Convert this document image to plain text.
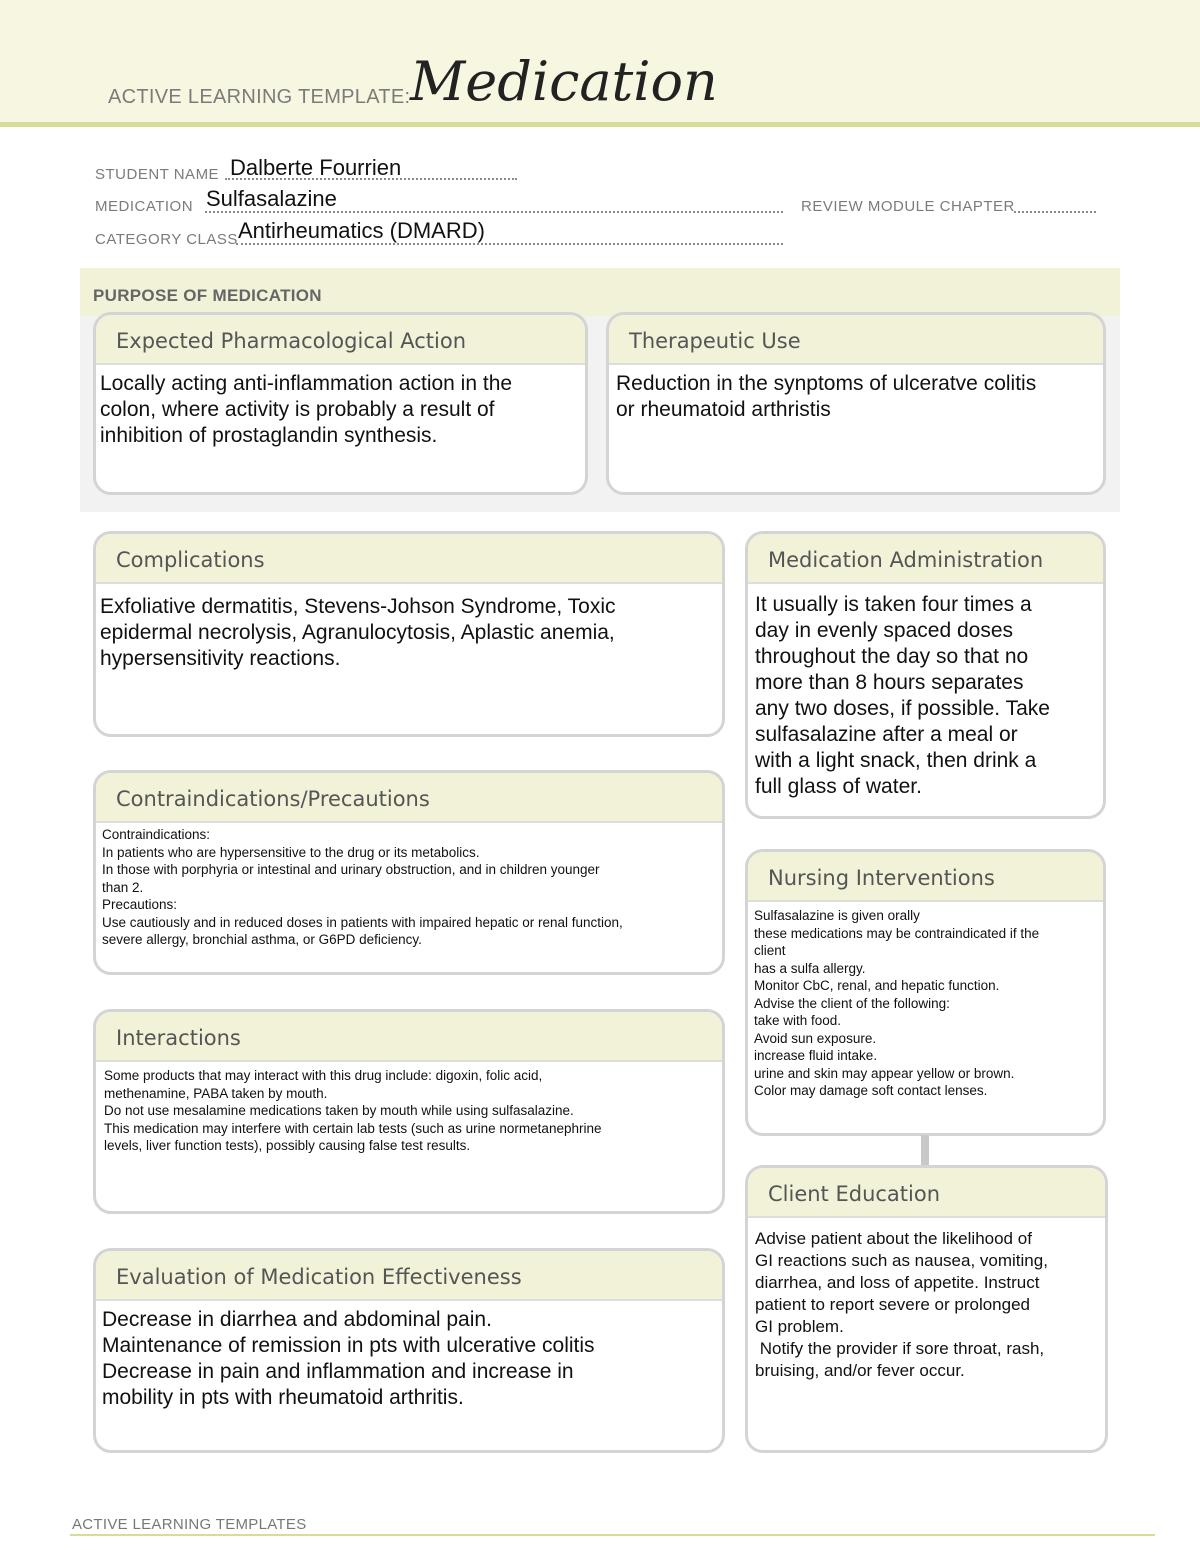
ACTIVE LEARNING TEMPLATE: Medication
STUDENT NAME Dalberte Fourrien
MEDICATION Sulfasalazine	REVIEW MODULE CHAPTER
CATEGORY CLASS Antirheumatics (DMARD)
PURPOSE OF MEDICATION
Expected Pharmacological Action
Locally acting anti-inflammation action in the
colon, where activity is probably a result of
inhibition of prostaglandin synthesis.
Therapeutic Use
Reduction in the synptoms of ulceratve colitis
or rheumatoid arthristis
Complications
Exfoliative dermatitis, Stevens-Johson Syndrome, Toxic
epidermal necrolysis, Agranulocytosis, Aplastic anemia,
hypersensitivity reactions.
Medication Administration
It usually is taken four times a
day in evenly spaced doses
throughout the day so that no
more than 8 hours separates
any two doses, if possible. Take
sulfasalazine after a meal or
with a light snack, then drink a
full glass of water.
Contraindications/Precautions
Contraindications:
In patients who are hypersensitive to the drug or its metabolics.
In those with porphyria or intestinal and urinary obstruction, and in children younger
than 2.
Precautions:
Use cautiously and in reduced doses in patients with impaired hepatic or renal function,
severe allergy, bronchial asthma, or G6PD deficiency.
Nursing Interventions
Sulfasalazine is given orally
these medications may be contraindicated if the
client
has a sulfa allergy.
Monitor CbC, renal, and hepatic function.
Advise the client of the following:
take with food.
Avoid sun exposure.
increase fluid intake.
urine and skin may appear yellow or brown.
Color may damage soft contact lenses.
Interactions
Some products that may interact with this drug include: digoxin, folic acid,
methenamine, PABA taken by mouth.
Do not use mesalamine medications taken by mouth while using sulfasalazine.
This medication may interfere with certain lab tests (such as urine normetanephrine
levels, liver function tests), possibly causing false test results.
Client Education
Advise patient about the likelihood of
GI reactions such as nausea, vomiting,
diarrhea, and loss of appetite. Instruct
patient to report severe or prolonged
GI problem.
Notify the provider if sore throat, rash,
bruising, and/or fever occur.
Evaluation of Medication Effectiveness
Decrease in diarrhea and abdominal pain.
Maintenance of remission in pts with ulcerative colitis
Decrease in pain and inflammation and increase in
mobility in pts with rheumatoid arthritis.
ACTIVE LEARNING TEMPLATES
